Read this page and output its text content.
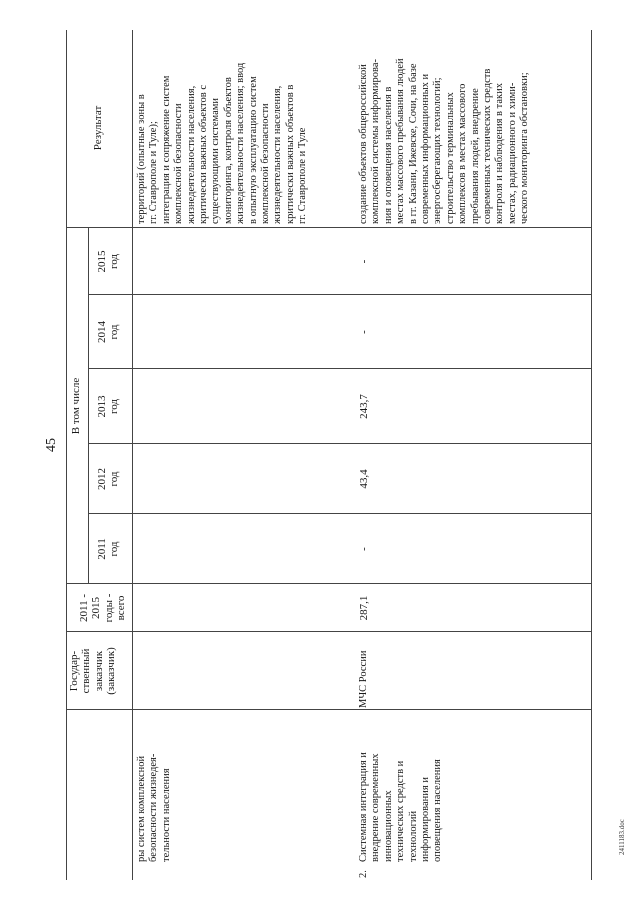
45
2411183.doc
Государ-
ственный
заказчик
(заказчик)
2011 -
2015 годы -
всего
В том числе
2011
год
2012
год
2013
год
2014
год
2015
год
Результат
ры систем комплексной
безопасности жизнедея-
тельности населения
территорий (опытные зоны в
гг. Ставрополе и Туле);
интеграция и сопряжение систем
комплексной безопасности
жизнедеятельности населения,
критически важных объектов с
существующими системами
мониторинга, контроля объектов
жизнедеятельности населения; ввод
в опытную эксплуатацию систем
комплексной безопасности
жизнедеятельности населения,
критически важных объектов в
гг. Ставрополе и Туле
2.
Системная интеграция и
внедрение современных
инновационных
технических средств и
технологий
информирования и
оповещения населения
МЧС России
287,1
-
43,4
243,7
-
-
создание объектов общероссийской
комплексной системы информирова-
ния и оповещения населения в
местах массового пребывания людей
в гг. Казани, Ижевске, Сочи, на базе
современных информационных и
энергосберегающих технологий;
строительство терминальных
комплексов в местах массового
пребывания людей, внедрение
современных технических средств
контроля и наблюдения в таких
местах, радиационного и хими-
ческого мониторинга обстановки;
